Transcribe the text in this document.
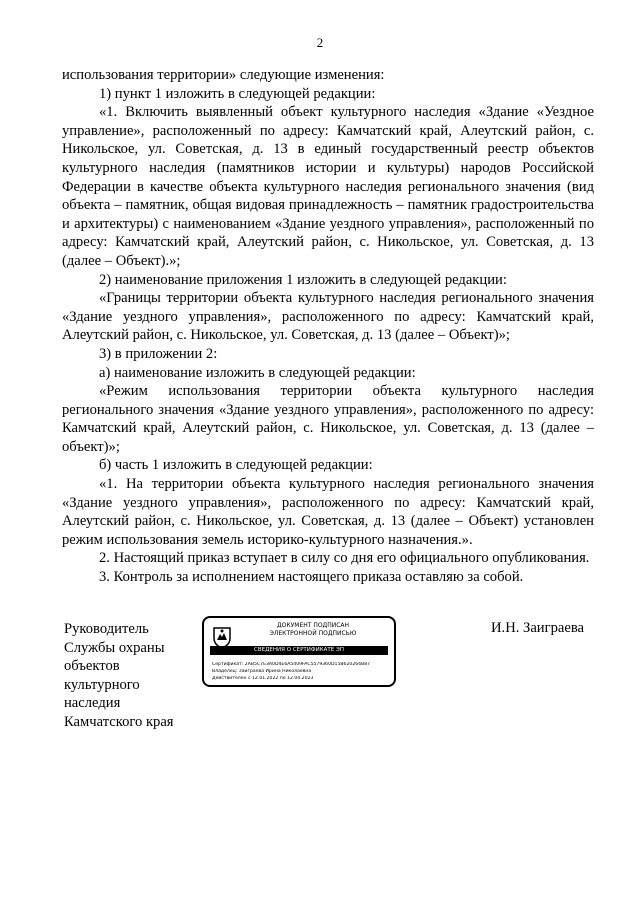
2

использования территории» следующие изменения:

1) пункт 1 изложить в следующей редакции:

«1. Включить выявленный объект культурного наследия «Здание «Уездное управление», расположенный по адресу: Камчатский край, Алеутский район, с. Никольское, ул. Советская, д. 13 в единый государственный реестр объектов культурного наследия (памятников истории и культуры) народов Российской Федерации в качестве объекта культурного наследия регионального значения (вид объекта – памятник, общая видовая принадлежность – памятник градостроительства и архитектуры) с наименованием «Здание уездного управления», расположенный по адресу: Камчатский край, Алеутский район, с. Никольское, ул. Советская, д. 13 (далее – Объект).»;

2) наименование приложения 1 изложить в следующей редакции:

«Границы территории объекта культурного наследия регионального значения «Здание уездного управления», расположенного по адресу: Камчатский край, Алеутский район, с. Никольское, ул. Советская, д. 13 (далее – Объект)»;

3) в приложении 2:

а) наименование изложить в следующей редакции:

«Режим использования территории объекта культурного наследия регионального значения «Здание уездного управления», расположенного по адресу: Камчатский край, Алеутский район, с. Никольское, ул. Советская, д. 13 (далее – объект)»;

б) часть 1 изложить в следующей редакции:

«1. На территории объекта культурного наследия регионального значения «Здание уездного управления», расположенного по адресу: Камчатский край, Алеутский район, с. Никольское, ул. Советская, д. 13 (далее – Объект) установлен режим использования земель историко-культурного назначения.».

2. Настоящий приказ вступает в силу со дня его официального опубликования.

3. Контроль за исполнением настоящего приказа оставляю за собой.

Руководитель
Службы охраны
объектов
культурного
наследия
Камчатского края
ДОКУМЕНТ ПОДПИСАН
ЭЛЕКТРОННОЙ ПОДПИСЬЮ
СВЕДЕНИЯ О СЕРТИФИКАТЕ ЭП
Сертификат: 2AB5C7E3A0D4E6A5409FAC5579360D15B620264B87
Владелец: Заиграева Ирина Николаевна
Действителен с 12.01.2022 по 12.04.2023
И.Н. Заиграева
